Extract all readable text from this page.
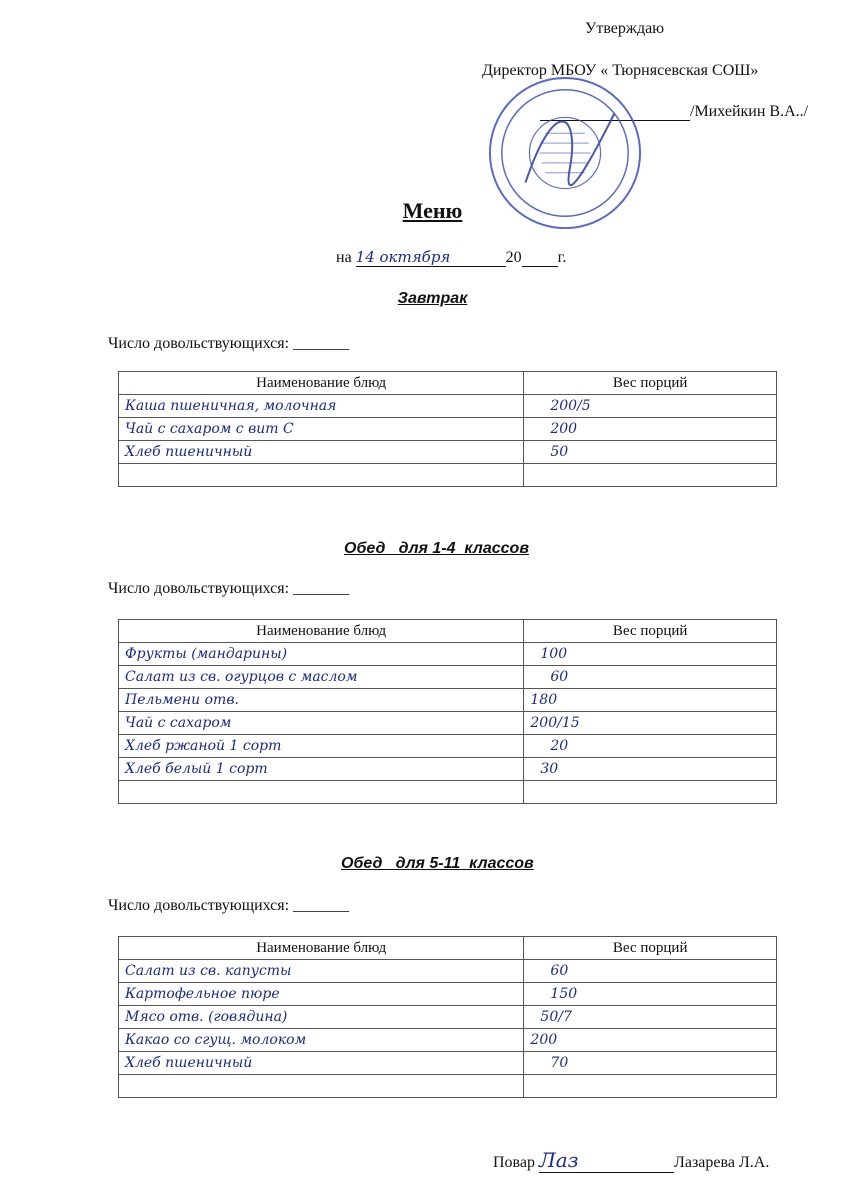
Утверждаю
Директор МБОУ « Тюрнясевская СОШ»
/Михейкин В.А../
Меню
на 14 октября	20 г.
Завтрак
Число довольствующихся: _______
Наименование блюд	Вес порций
Каша пшеничная, молочная	200/5
Чай с сахаром с вит С	200
Хлеб пшеничный	50

Обед   для 1-4  классов
Число довольствующихся: _______
Наименование блюд	Вес порций
Фрукты (мандарины)	100
Салат из св. огурцов с маслом	60
Пельмени отв.	180
Чай с сахаром	200/15
Хлеб ржаной 1 сорт	20
Хлеб белый 1 сорт	30

Обед   для 5-11  классов
Число довольствующихся: _______
Наименование блюд	Вес порций
Салат из св. капусты	60
Картофельное пюре	150
Мясо отв. (говядина)	50/7
Какао со сгущ. молоком	200
Хлеб пшеничный	70

Повар Лаз	Лазарева Л.А.
